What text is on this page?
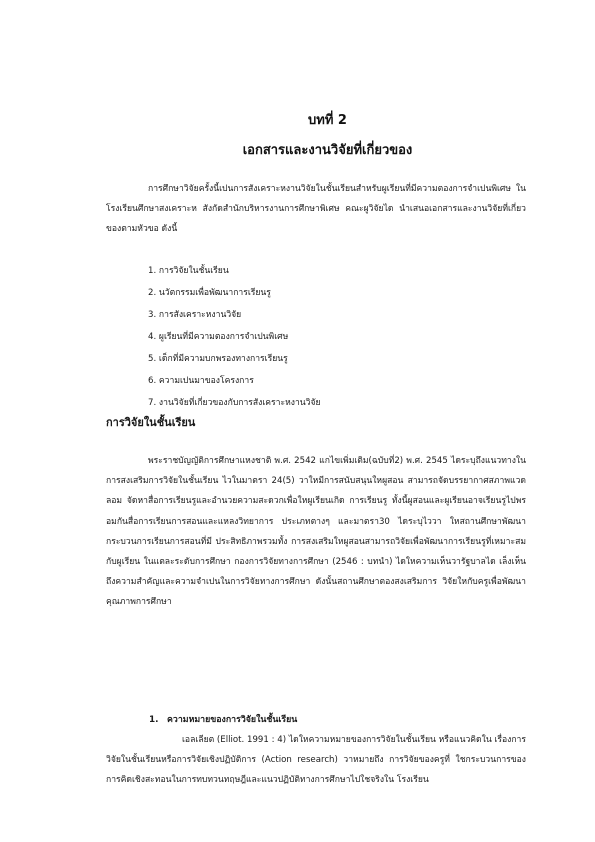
บทที่ 2
เอกสารและงานวิจัยที่เกี่ยวของ

การศึกษาวิจัยครั้งนี้เปนการสังเคราะหงานวิจัยในชั้นเรียนสําหรับผูเรียนที่มีความตองการจําเปนพิเศษ ในโรงเรียนศึกษาสงเคราะห สังกัดสํานักบริหารงานการศึกษาพิเศษ คณะผูวิจัยได นําเสนอเอกสารและงานวิจัยที่เกี่ยวของตามหัวขอ ดังนี้

1. การวิจัยในชั้นเรียน
2. นวัตกรรมเพื่อพัฒนาการเรียนรู
3. การสังเคราะหงานวิจัย
4. ผูเรียนที่มีความตองการจําเปนพิเศษ
5. เด็กที่มีความบกพรองทางการเรียนรู
6. ความเปนมาของโครงการ
7. งานวิจัยที่เกี่ยวของกับการสังเคราะหงานวิจัย
การวิจัยในชั้นเรียน

พระราชบัญญัติการศึกษาแหงชาติ พ.ศ. 2542 แกไขเพิ่มเติม(ฉบับที่2) พ.ศ. 2545 ไดระบุถึงแนวทางในการสงเสริมการวิจัยในชั้นเรียน ไวในมาตรา 24(5) วาใหมีการสนับสนุนใหผูสอน สามารถจัดบรรยากาศสภาพแวดลอม จัดหาสื่อการเรียนรูและอํานวยความสะดวกเพื่อใหผูเรียนเกิด การเรียนรู ทั้งนี้ผูสอนและผูเรียนอาจเรียนรูไปพรอมกันสื่อการเรียนการสอนและแหลงวิทยาการ ประเภทตางๆ และมาตรา30 ไดระบุไววา ใหสถานศึกษาพัฒนากระบวนการเรียนการสอนที่มี ประสิทธิภาพรวมทั้ง การสงเสริมใหผูสอนสามารถวิจัยเพื่อพัฒนาการเรียนรูที่เหมาะสมกับผูเรียน ในแตละระดับการศึกษา กองการวิจัยทางการศึกษา (2546 : บทนํา) ไดใหความเห็นวารัฐบาลได เล็งเห็นถึงความสําคัญและความจําเปนในการวิจัยทางการศึกษา ดังนั้นสถานศึกษาตองสงเสริมการ วิจัยใหกับครูเพื่อพัฒนาคุณภาพการศึกษา

1. ความหมายของการวิจัยในชั้นเรียน

เอลเลียต (Elliot. 1991 : 4) ไดใหความหมายของการวิจัยในชั้นเรียน หรือแนวคิดใน เรื่องการวิจัยในชั้นเรียนหรือการวิจัยเชิงปฏิบัติการ (Action research) วาหมายถึง การวิจัยของครูที่ ใชกระบวนการของการคิดเชิงสะทอนในการทบทวนทฤษฎีและแนวปฏิบัติทางการศึกษาไปใชจริงใน โรงเรียน
